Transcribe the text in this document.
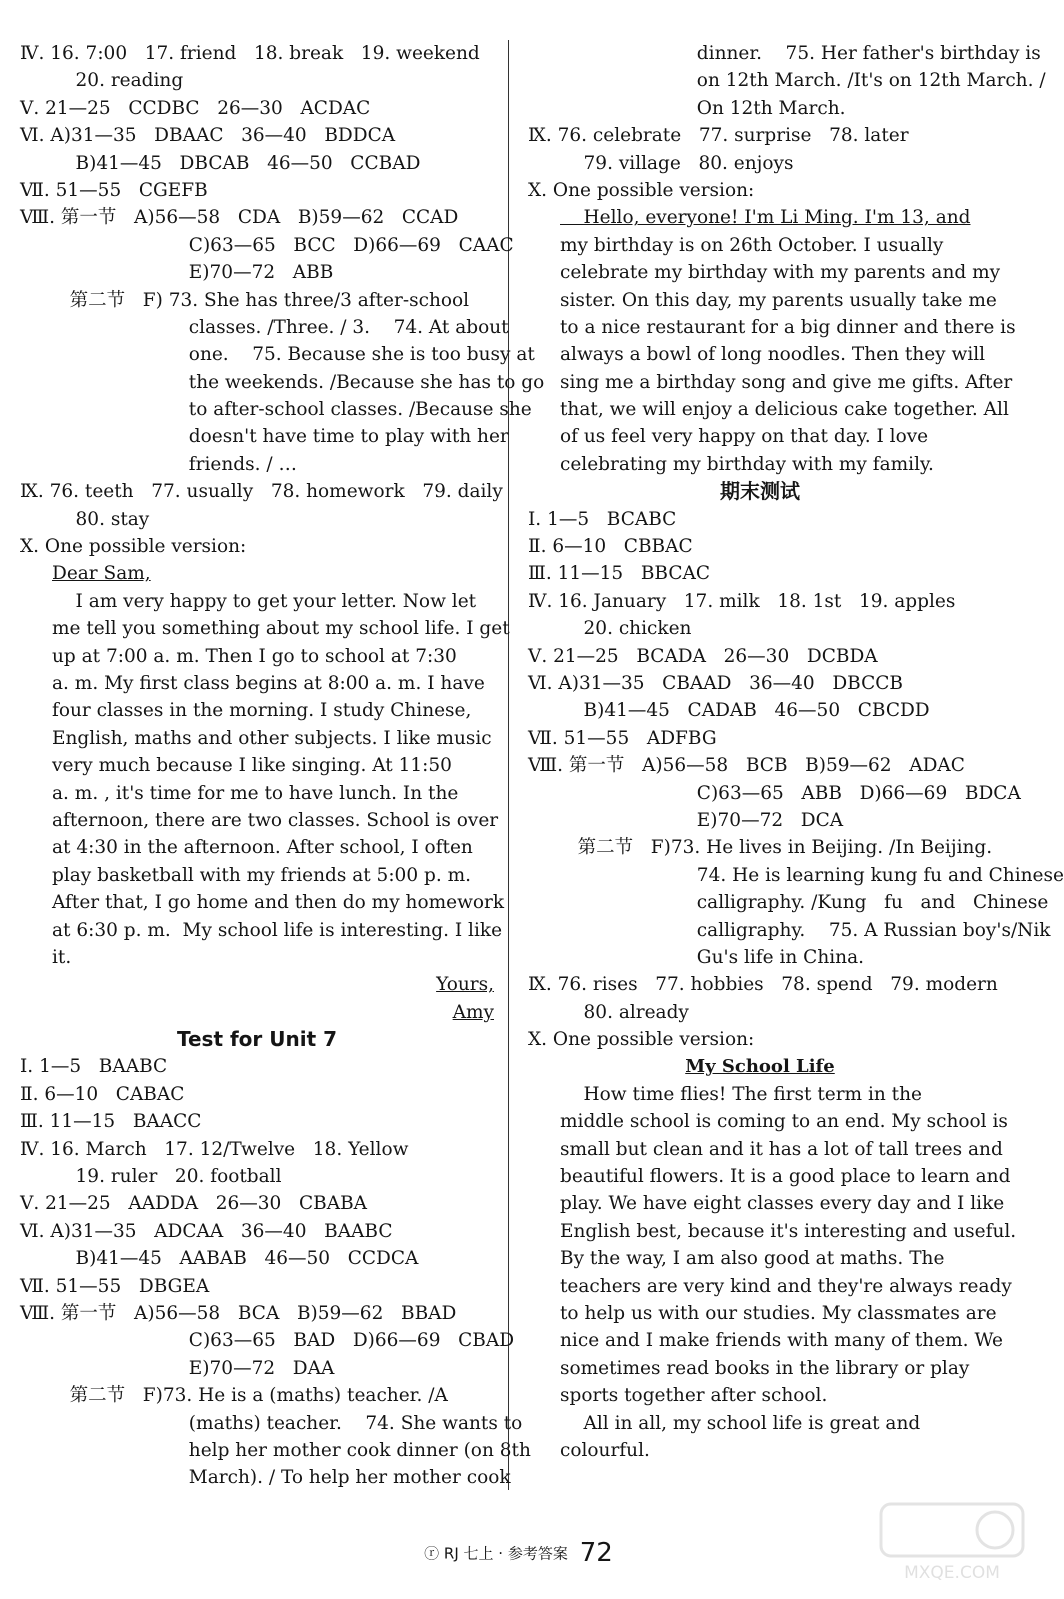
Ⅳ. 16. 7:00   17. friend   18. break   19. weekend
20. reading
Ⅴ. 21—25   CCDBC   26—30   ACDAC
Ⅵ. A)31—35   DBAAC   36—40   BDDCA
B)41—45   DBCAB   46—50   CCBAD
Ⅶ. 51—55   CGEFB
Ⅷ. 第一节   A)56—58   CDA   B)59—62   CCAD
C)63—65   BCC   D)66—69   CAAC
E)70—72   ABB
第二节   F) 73. She has three/3 after-school
classes. /Three. / 3.    74. At about
one.    75. Because she is too busy at
the weekends. /Because she has to go
to after-school classes. /Because she
doesn't have time to play with her
friends. / …
Ⅸ. 76. teeth   77. usually   78. homework   79. daily
80. stay
Ⅹ. One possible version:
Dear Sam,
I am very happy to get your letter. Now let
me tell you something about my school life. I get
up at 7:00 a. m. Then I go to school at 7:30
a. m. My first class begins at 8:00 a. m. I have
four classes in the morning. I study Chinese,
English, maths and other subjects. I like music
very much because I like singing. At 11:50
a. m. , it's time for me to have lunch. In the
afternoon, there are two classes. School is over
at 4:30 in the afternoon. After school, I often
play basketball with my friends at 5:00 p. m.
After that, I go home and then do my homework
at 6:30 p. m.  My school life is interesting. I like
it.
Yours,
Amy
Test for Unit 7
Ⅰ. 1—5   BAABC
Ⅱ. 6—10   CABAC
Ⅲ. 11—15   BAACC
Ⅳ. 16. March   17. 12/Twelve   18. Yellow
19. ruler   20. football
Ⅴ. 21—25   AADDA   26—30   CBABA
Ⅵ. A)31—35   ADCAA   36—40   BAABC
B)41—45   AABAB   46—50   CCDCA
Ⅶ. 51—55   DBGEA
Ⅷ. 第一节   A)56—58   BCA   B)59—62   BBAD
C)63—65   BAD   D)66—69   CBAD
E)70—72   DAA
第二节   F)73. He is a (maths) teacher. /A
(maths) teacher.    74. She wants to
help her mother cook dinner (on 8th
March). / To help her mother cook
dinner.    75. Her father's birthday is
on 12th March. /It's on 12th March. /
On 12th March.
Ⅸ. 76. celebrate   77. surprise   78. later
79. village   80. enjoys
Ⅹ. One possible version:
Hello, everyone! I'm Li Ming. I'm 13, and
my birthday is on 26th October. I usually
celebrate my birthday with my parents and my
sister. On this day, my parents usually take me
to a nice restaurant for a big dinner and there is
always a bowl of long noodles. Then they will
sing me a birthday song and give me gifts. After
that, we will enjoy a delicious cake together. All
of us feel very happy on that day. I love
celebrating my birthday with my family.
期末测试
Ⅰ. 1—5   BCABC
Ⅱ. 6—10   CBBAC
Ⅲ. 11—15   BBCAC
Ⅳ. 16. January   17. milk   18. 1st   19. apples
20. chicken
Ⅴ. 21—25   BCADA   26—30   DCBDA
Ⅵ. A)31—35   CBAAD   36—40   DBCCB
B)41—45   CADAB   46—50   CBCDD
Ⅶ. 51—55   ADFBG
Ⅷ. 第一节   A)56—58   BCB   B)59—62   ADAC
C)63—65   ABB   D)66—69   BDCA
E)70—72   DCA
第二节   F)73. He lives in Beijing. /In Beijing.
74. He is learning kung fu and Chinese
calligraphy. /Kung   fu   and   Chinese
calligraphy.    75. A Russian boy's/Nik
Gu's life in China.
Ⅸ. 76. rises   77. hobbies   78. spend   79. modern
80. already
Ⅹ. One possible version:
My School Life
How time flies! The first term in the
middle school is coming to an end. My school is
small but clean and it has a lot of tall trees and
beautiful flowers. It is a good place to learn and
play. We have eight classes every day and I like
English best, because it's interesting and useful.
By the way, I am also good at maths. The
teachers are very kind and they're always ready
to help us with our studies. My classmates are
nice and I make friends with many of them. We
sometimes read books in the library or play
sports together after school.
All in all, my school life is great and
colourful.
ⓡ RJ 七上 · 参考答案 72
MXQE.COM
